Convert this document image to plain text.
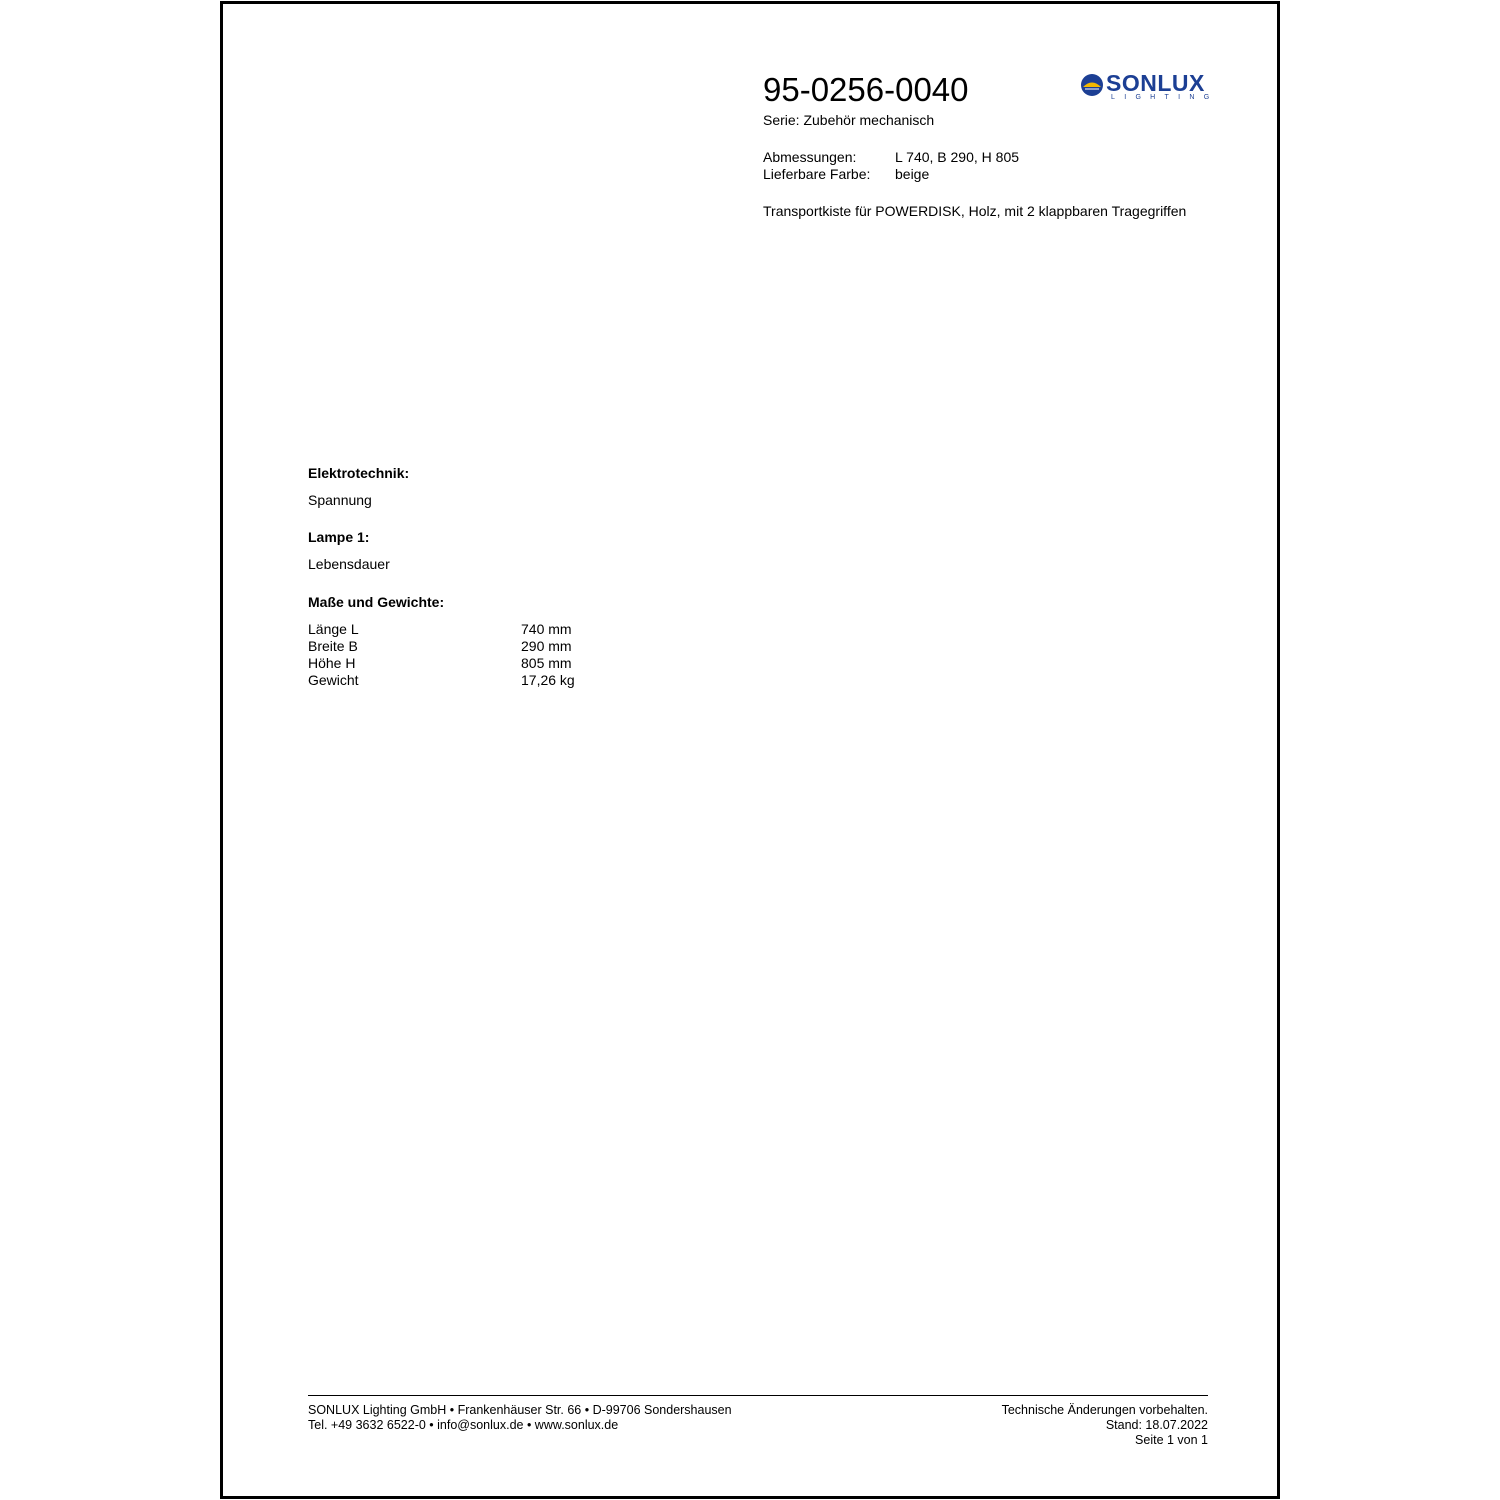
95-0256-0040
Serie: Zubehör mechanisch
Abmessungen:	L 740, B 290, H 805
Lieferbare Farbe: beige
Transportkiste für POWERDISK, Holz, mit 2 klappbaren Tragegriffen
SONLUX
LIGHTING
Elektrotechnik:
Spannung
Lampe 1:
Lebensdauer
Maße und Gewichte:
Länge L	740 mm
Breite B	290 mm
Höhe H	805 mm
Gewicht	17,26 kg
SONLUX Lighting GmbH • Frankenhäuser Str. 66 • D-99706 Sondershausen
Tel. +49 3632 6522-0 • info@sonlux.de • www.sonlux.de
Technische Änderungen vorbehalten.
Stand: 18.07.2022
Seite 1 von 1
